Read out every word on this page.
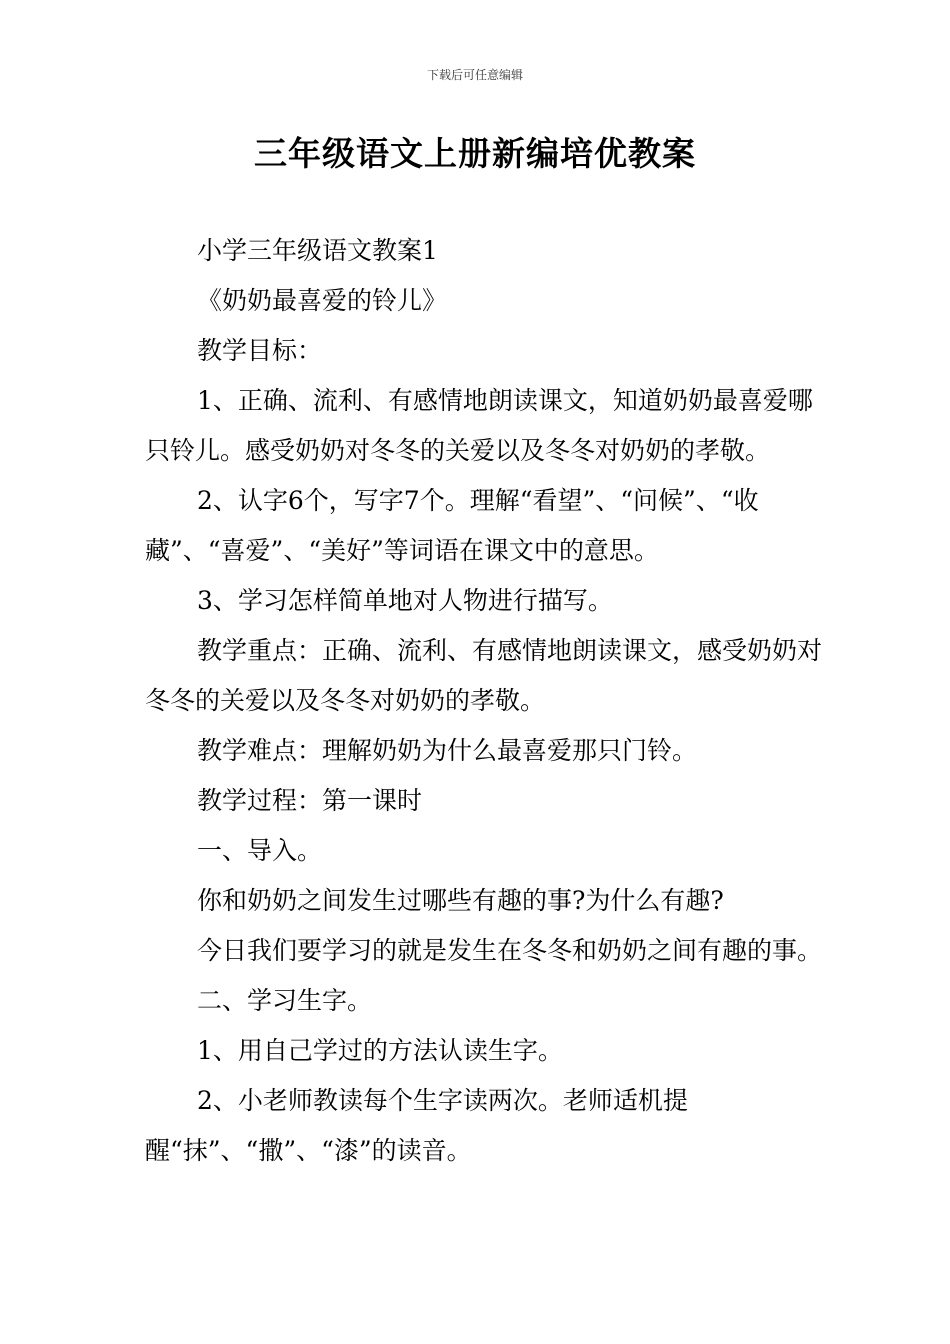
下载后可任意编辑
三年级语文上册新编培优教案

小学三年级语文教案1

《奶奶最喜爱的铃儿》

教学目标：

1、正确、流利、有感情地朗读课文，知道奶奶最喜爱哪只铃儿。感受奶奶对冬冬的关爱以及冬冬对奶奶的孝敬。

2、认字6个，写字7个。理解“看望”、“问候”、“收藏”、“喜爱”、“美好”等词语在课文中的意思。

3、学习怎样简单地对人物进行描写。

教学重点：正确、流利、有感情地朗读课文，感受奶奶对冬冬的关爱以及冬冬对奶奶的孝敬。

教学难点：理解奶奶为什么最喜爱那只门铃。

教学过程：第一课时

一、导入。

你和奶奶之间发生过哪些有趣的事?为什么有趣?

今日我们要学习的就是发生在冬冬和奶奶之间有趣的事。

二、学习生字。

1、用自己学过的方法认读生字。

2、小老师教读每个生字读两次。老师适机提醒“抹”、“撒”、“漆”的读音。
